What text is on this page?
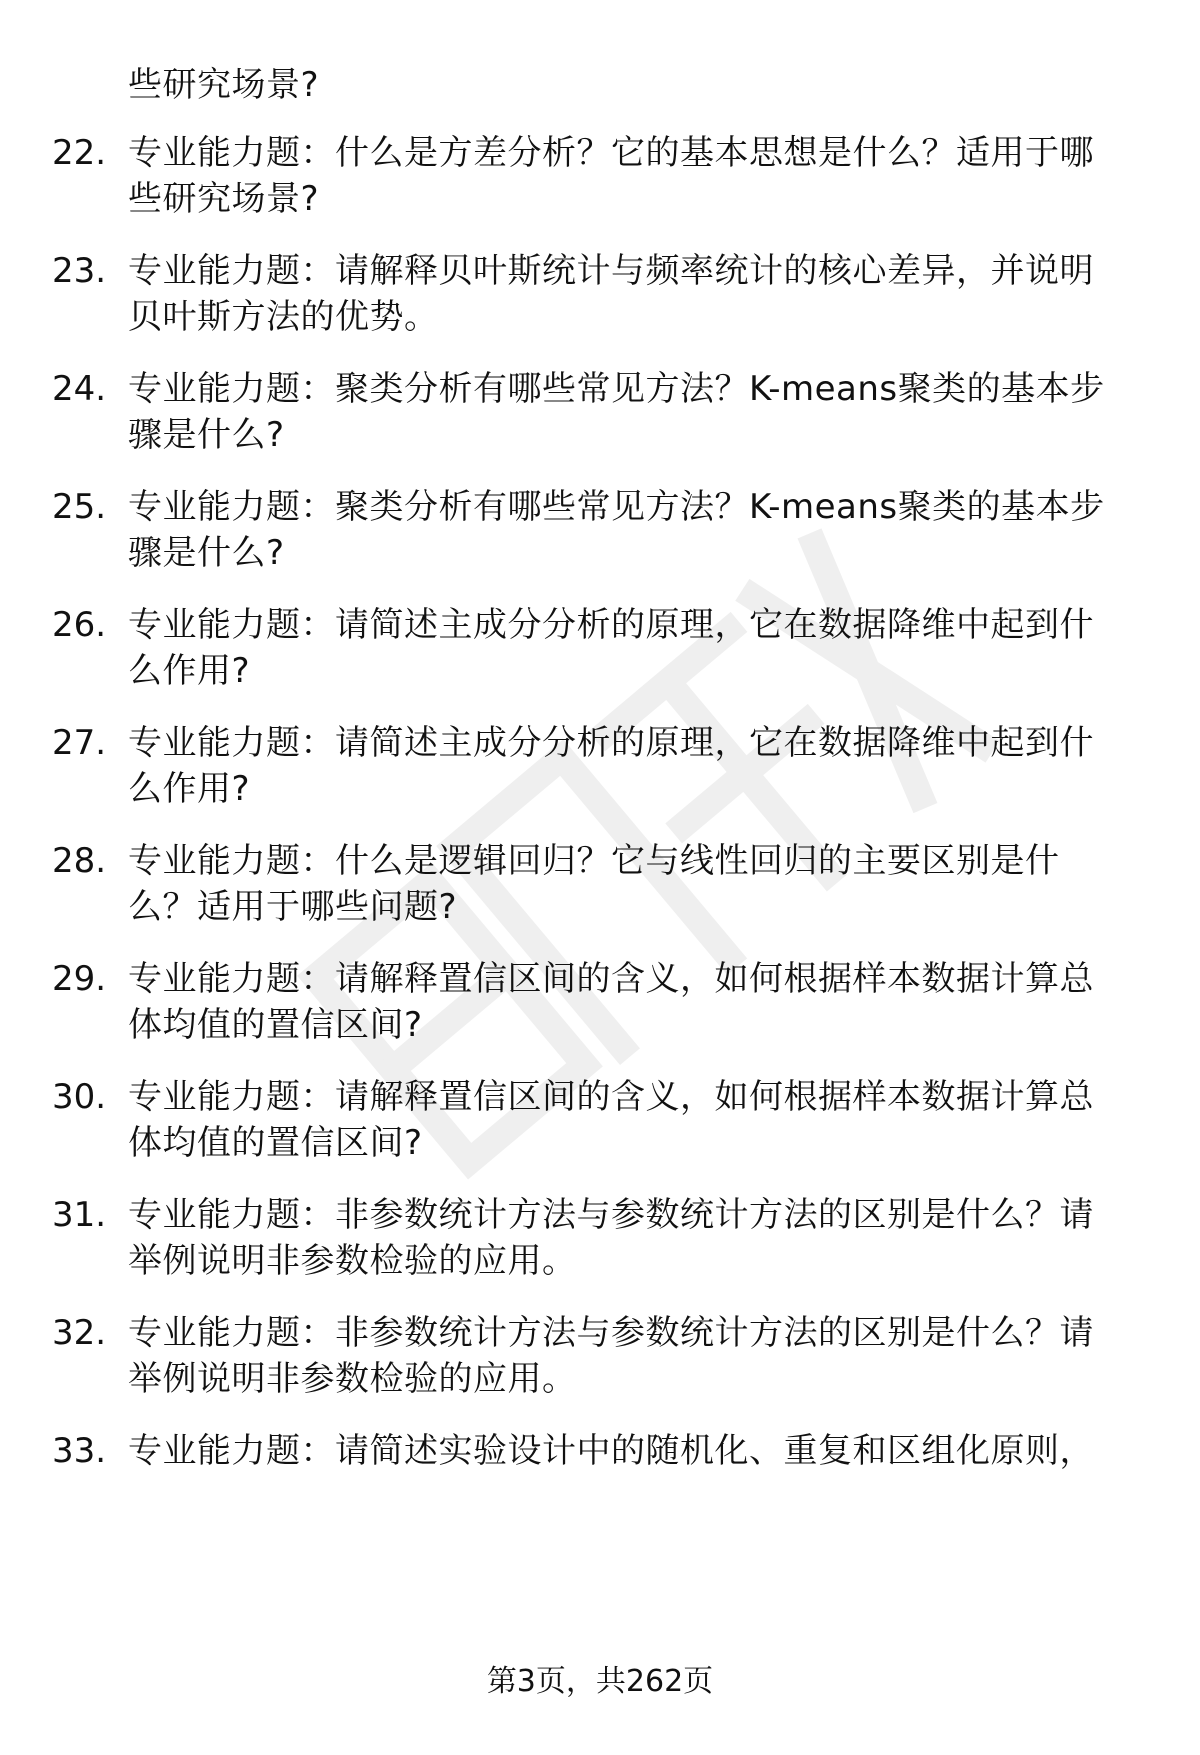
些研究场景?
22. 专业能力题：什么是方差分析？它的基本思想是什么？适用于哪
些研究场景?
23. 专业能力题：请解释贝叶斯统计与频率统计的核心差异，并说明
贝叶斯方法的优势。
24. 专业能力题：聚类分析有哪些常见方法？K-means聚类的基本步
骤是什么?
25. 专业能力题：聚类分析有哪些常见方法？K-means聚类的基本步
骤是什么?
26. 专业能力题：请简述主成分分析的原理，它在数据降维中起到什
么作用?
27. 专业能力题：请简述主成分分析的原理，它在数据降维中起到什
么作用?
28. 专业能力题：什么是逻辑回归？它与线性回归的主要区别是什
么？适用于哪些问题?
29. 专业能力题：请解释置信区间的含义，如何根据样本数据计算总
体均值的置信区间?
30. 专业能力题：请解释置信区间的含义，如何根据样本数据计算总
体均值的置信区间?
31. 专业能力题：非参数统计方法与参数统计方法的区别是什么？请
举例说明非参数检验的应用。
32. 专业能力题：非参数统计方法与参数统计方法的区别是什么？请
举例说明非参数检验的应用。
33. 专业能力题：请简述实验设计中的随机化、重复和区组化原则，
第3页，共262页
